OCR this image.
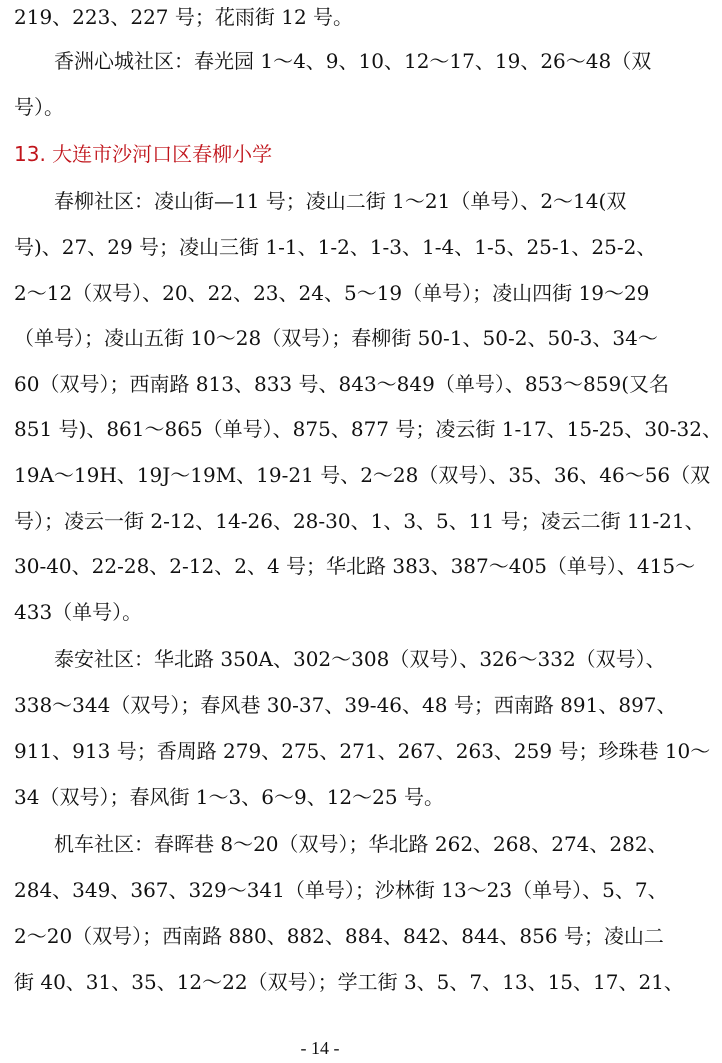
219、223、227 号；花雨街 12 号。
　　香洲心城社区：春光园 1～4、9、10、12～17、19、26～48（双
号）。
13. 大连市沙河口区春柳小学
　　春柳社区：凌山街—11 号；凌山二街 1～21（单号）、2～14(双
号)、27、29 号；凌山三街 1-1、1-2、1-3、1-4、1-5、25-1、25-2、
2～12（双号）、20、22、23、24、5～19（单号）；凌山四街 19～29
（单号）；凌山五街 10～28（双号）；春柳街 50-1、50-2、50-3、34～
60（双号）；西南路 813、833 号、843～849（单号）、853～859(又名
851 号)、861～865（单号）、875、877 号；凌云街 1-17、15-25、30-32、
19A～19H、19J～19M、19-21 号、2～28（双号）、35、36、46～56（双
号）；凌云一街 2-12、14-26、28-30、1、3、5、11 号；凌云二街 11-21、
30-40、22-28、2-12、2、4 号；华北路 383、387～405（单号）、415～
433（单号）。
　　泰安社区：华北路 350A、302～308（双号）、326～332（双号）、
338～344（双号）；春风巷 30-37、39-46、48 号；西南路 891、897、
911、913 号；香周路 279、275、271、267、263、259 号；珍珠巷 10～
34（双号）；春风街 1～3、6～9、12～25 号。
　　机车社区：春晖巷 8～20（双号）；华北路 262、268、274、282、
284、349、367、329～341（单号）；沙林街 13～23（单号）、5、7、
2～20（双号）；西南路 880、882、884、842、844、856 号；凌山二
街 40、31、35、12～22（双号）；学工街 3、5、7、13、15、17、21、
- 14 -
